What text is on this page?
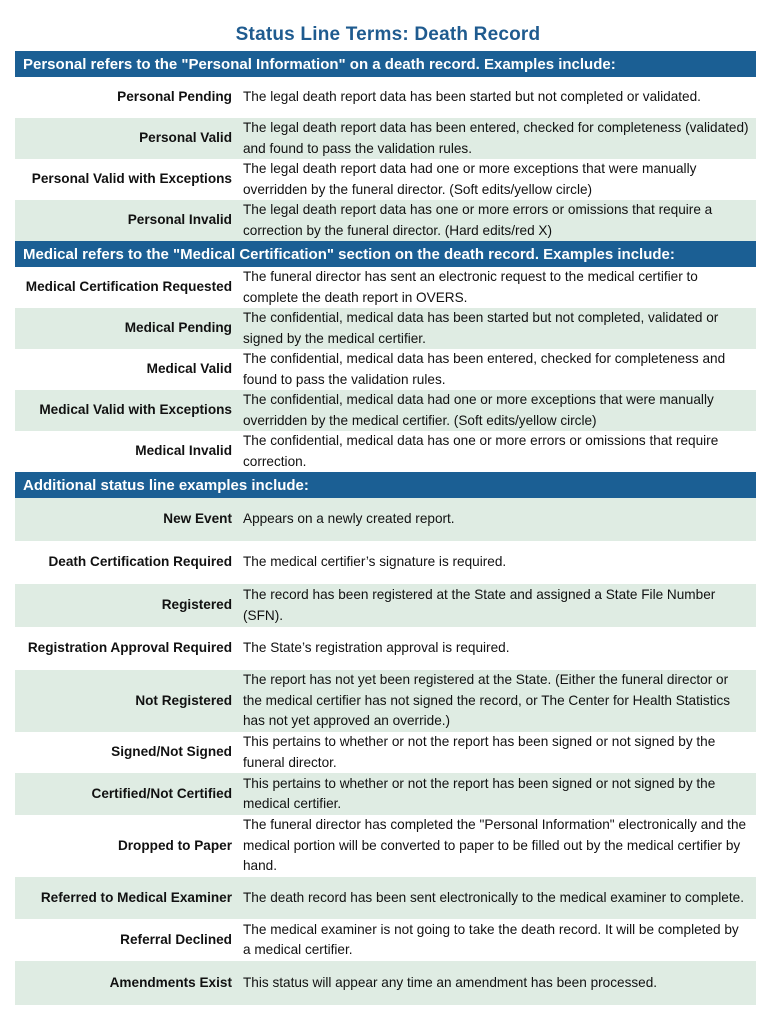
Status Line Terms: Death Record
Personal refers to the "Personal Information" on a death record. Examples include:
Personal Pending The legal death report data has been started but not completed or validated.
Personal Valid
The legal death report data has been entered, checked for completeness (validated) and found to pass the validation rules.
Personal Valid with Exceptions
The legal death report data had one or more exceptions that were manually overridden by the funeral director. (Soft edits/yellow circle)
Personal Invalid
The legal death report data has one or more errors or omissions that require a correction by the funeral director. (Hard edits/red X)
Medical refers to the "Medical Certification" section on the death record. Examples include:
Medical Certification Requested
The funeral director has sent an electronic request to the medical certifier to complete the death report in OVERS.
Medical Pending
The confidential, medical data has been started but not completed, validated or signed by the medical certifier.
Medical Valid
The confidential, medical data has been entered, checked for completeness and found to pass the validation rules.
Medical Valid with Exceptions
The confidential, medical data had one or more exceptions that were manually overridden by the medical certifier. (Soft edits/yellow circle)
Medical Invalid
The confidential, medical data has one or more errors or omissions that require correction.
Additional status line examples include:
New Event Appears on a newly created report.
Death Certification Required The medical certifier’s signature is required.
Registered
The record has been registered at the State and assigned a State File Number (SFN).
Registration Approval Required The State’s registration approval is required.
Not Registered
The report has not yet been registered at the State. (Either the funeral director or the medical certifier has not signed the record, or The Center for Health Statistics has not yet approved an override.)
Signed/Not Signed
This pertains to whether or not the report has been signed or not signed by the funeral director.
Certified/Not Certified
This pertains to whether or not the report has been signed or not signed by the medical certifier.
Dropped to Paper
The funeral director has completed the "Personal Information" electronically and the medical portion will be converted to paper to be filled out by the medical certifier by hand.
Referred to Medical Examiner The death record has been sent electronically to the medical examiner to complete.
Referral Declined
The medical examiner is not going to take the death record. It will be completed by a medical certifier.
Amendments Exist This status will appear any time an amendment has been processed.
